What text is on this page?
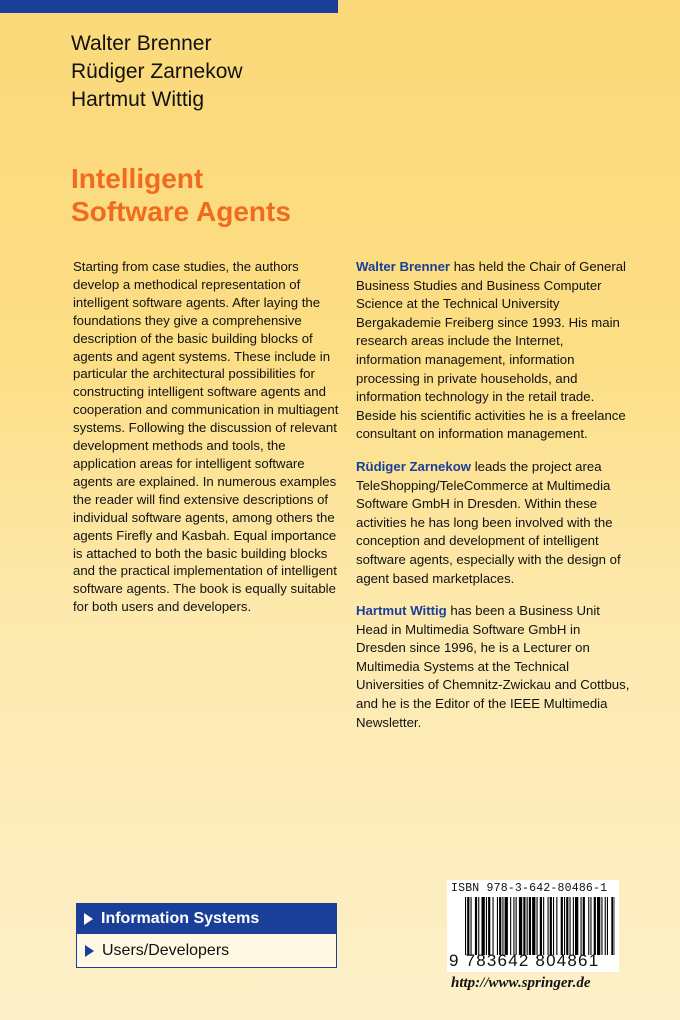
Walter Brenner
Rüdiger Zarnekow
Hartmut Wittig
Intelligent
Software Agents

Starting from case studies, the authors develop a methodical representation of intelligent software agents. After laying the foundations they give a comprehensive description of the basic building blocks of agents and agent systems. These include in particular the architectural possibilities for constructing intelligent software agents and cooperation and communication in multiagent systems. Following the discussion of relevant development methods and tools, the application areas for intelligent software agents are explained. In numerous examples the reader will find extensive descriptions of individual software agents, among others the agents Firefly and Kasbah. Equal importance is attached to both the basic building blocks and the practical implementation of intelligent software agents. The book is equally suitable for both users and developers.

Walter Brenner has held the Chair of General Business Studies and Business Computer Science at the Technical University Bergakademie Freiberg since 1993. His main research areas include the Internet, information management, information processing in private households, and information technology in the retail trade. Beside his scientific activities he is a freelance consultant on information management.

Rüdiger Zarnekow leads the project area TeleShopping/TeleCommerce at Multimedia Software GmbH in Dresden. Within these activities he has long been involved with the conception and development of intelligent software agents, especially with the design of agent based marketplaces.

Hartmut Wittig has been a Business Unit Head in Multimedia Software GmbH in Dresden since 1996, he is a Lecturer on Multimedia Systems at the Technical Universities of Chemnitz-Zwickau and Cottbus, and he is the Editor of the IEEE Multimedia Newsletter.

Information Systems
Users/Developers
ISBN 978-3-642-80486-1
9 783642 804861
http://www.springer.de
